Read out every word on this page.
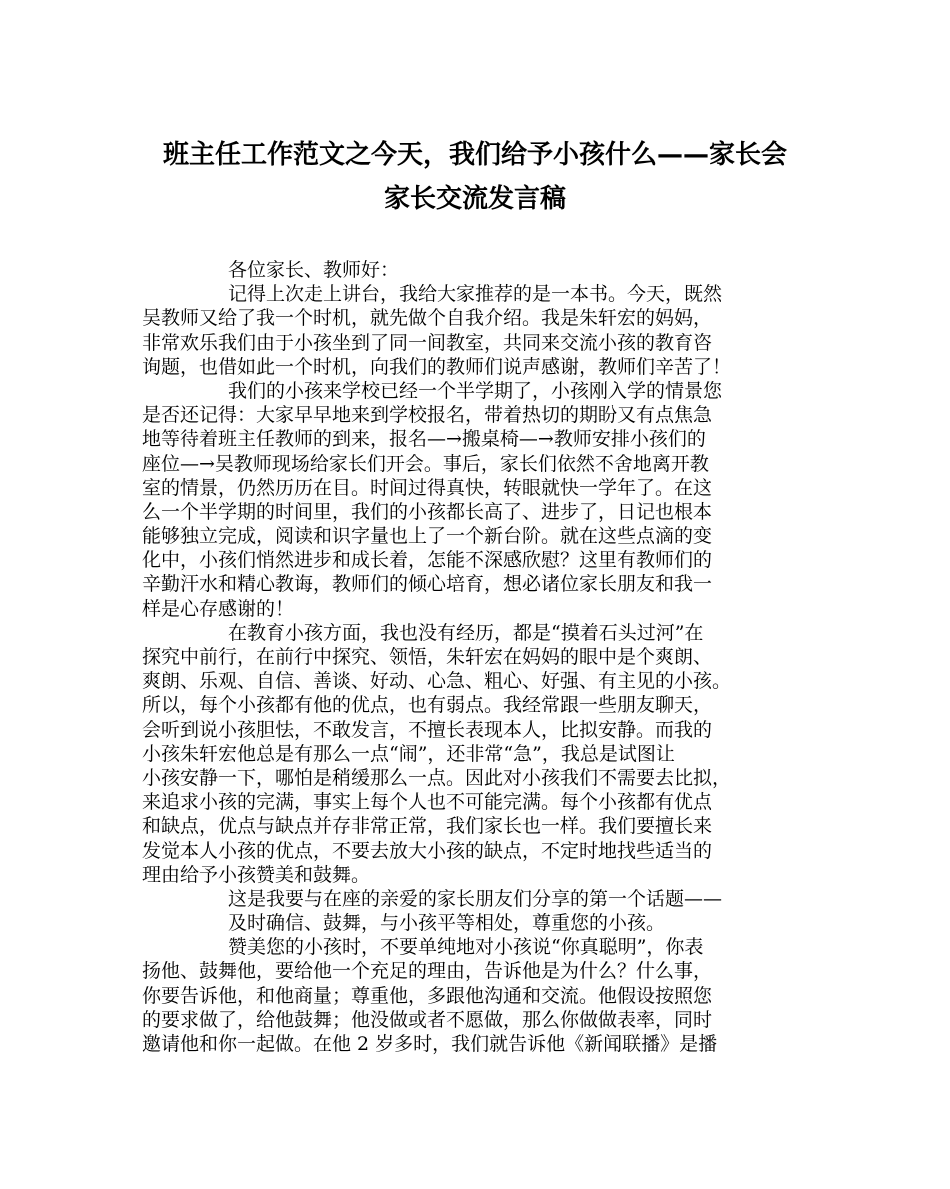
班主任工作范文之今天，我们给予小孩什么——家长会
家长交流发言稿
各位家长、教师好：
记得上次走上讲台，我给大家推荐的是一本书。今天，既然
吴教师又给了我一个时机，就先做个自我介绍。我是朱轩宏的妈妈，
非常欢乐我们由于小孩坐到了同一间教室，共同来交流小孩的教育咨
询题，也借如此一个时机，向我们的教师们说声感谢，教师们辛苦了！
我们的小孩来学校已经一个半学期了，小孩刚入学的情景您
是否还记得：大家早早地来到学校报名，带着热切的期盼又有点焦急
地等待着班主任教师的到来，报名—→搬桌椅—→教师安排小孩们的
座位—→吴教师现场给家长们开会。事后，家长们依然不舍地离开教
室的情景，仍然历历在目。时间过得真快，转眼就快一学年了。在这
么一个半学期的时间里，我们的小孩都长高了、进步了，日记也根本
能够独立完成，阅读和识字量也上了一个新台阶。就在这些点滴的变
化中，小孩们悄然进步和成长着，怎能不深感欣慰？这里有教师们的
辛勤汗水和精心教诲，教师们的倾心培育，想必诸位家长朋友和我一
样是心存感谢的！
在教育小孩方面，我也没有经历，都是“摸着石头过河”在
探究中前行，在前行中探究、领悟，朱轩宏在妈妈的眼中是个爽朗、
爽朗、乐观、自信、善谈、好动、心急、粗心、好强、有主见的小孩。
所以，每个小孩都有他的优点，也有弱点。我经常跟一些朋友聊天，
会听到说小孩胆怯，不敢发言，不擅长表现本人，比拟安静。而我的
小孩朱轩宏他总是有那么一点“闹”，还非常“急”，我总是试图让
小孩安静一下，哪怕是稍缓那么一点。因此对小孩我们不需要去比拟，
来追求小孩的完满，事实上每个人也不可能完满。每个小孩都有优点
和缺点，优点与缺点并存非常正常，我们家长也一样。我们要擅长来
发觉本人小孩的优点，不要去放大小孩的缺点，不定时地找些适当的
理由给予小孩赞美和鼓舞。
这是我要与在座的亲爱的家长朋友们分享的第一个话题——
及时确信、鼓舞，与小孩平等相处，尊重您的小孩。
赞美您的小孩时，不要单纯地对小孩说“你真聪明”，你表
扬他、鼓舞他，要给他一个充足的理由，告诉他是为什么？什么事，
你要告诉他，和他商量；尊重他，多跟他沟通和交流。他假设按照您
的要求做了，给他鼓舞；他没做或者不愿做，那么你做做表率，同时
邀请他和你一起做。在他 2 岁多时，我们就告诉他《新闻联播》是播
